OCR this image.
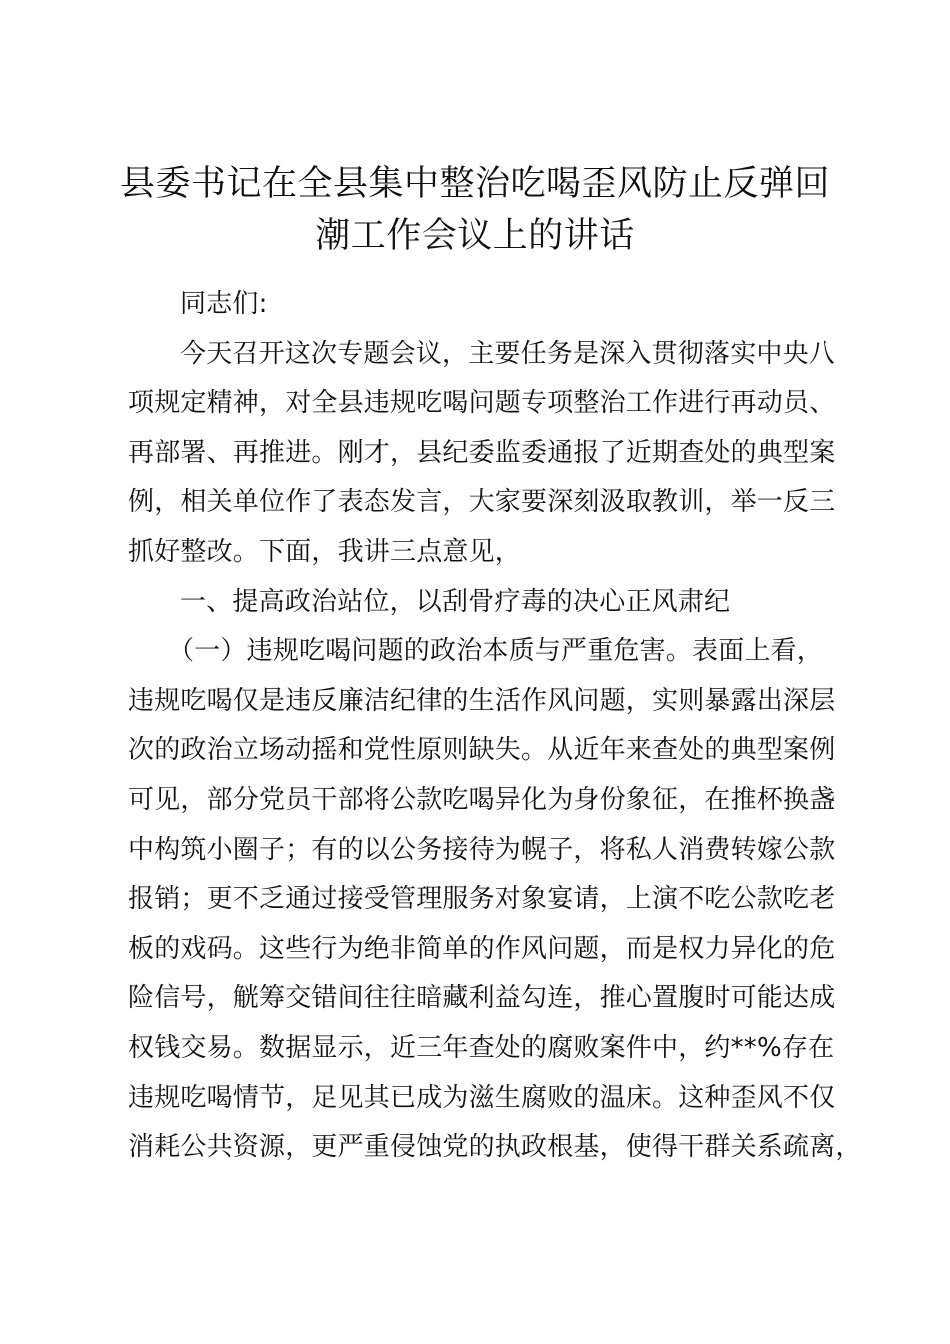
县委书记在全县集中整治吃喝歪风防止反弹回
潮工作会议上的讲话
同志们:
今天召开这次专题会议，主要任务是深入贯彻落实中央八
项规定精神，对全县违规吃喝问题专项整治工作进行再动员、
再部署、再推进。刚才，县纪委监委通报了近期查处的典型案
例，相关单位作了表态发言，大家要深刻汲取教训，举一反三
抓好整改。下面，我讲三点意见，
一、提高政治站位，以刮骨疗毒的决心正风肃纪
（一）违规吃喝问题的政治本质与严重危害。表面上看，
违规吃喝仅是违反廉洁纪律的生活作风问题，实则暴露出深层
次的政治立场动摇和党性原则缺失。从近年来查处的典型案例
可见，部分党员干部将公款吃喝异化为身份象征，在推杯换盏
中构筑小圈子；有的以公务接待为幌子，将私人消费转嫁公款
报销；更不乏通过接受管理服务对象宴请，上演不吃公款吃老
板的戏码。这些行为绝非简单的作风问题，而是权力异化的危
险信号，觥筹交错间往往暗藏利益勾连，推心置腹时可能达成
权钱交易。数据显示，近三年查处的腐败案件中，约**%存在
违规吃喝情节，足见其已成为滋生腐败的温床。这种歪风不仅
消耗公共资源，更严重侵蚀党的执政根基，使得干群关系疏离，
